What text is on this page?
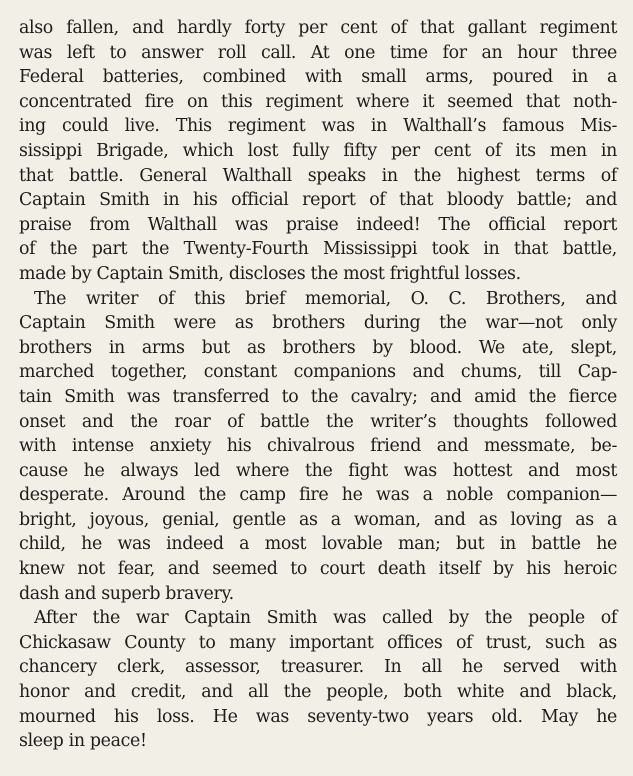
also fallen, and hardly forty per cent of that gallant regiment
was left to answer roll call. At one time for an hour three
Federal batteries, combined with small arms, poured in a
concentrated fire on this regiment where it seemed that noth-
ing could live. This regiment was in Walthall’s famous Mis-
sissippi Brigade, which lost fully fifty per cent of its men in
that battle. General Walthall speaks in the highest terms of
Captain Smith in his official report of that bloody battle; and
praise from Walthall was praise indeed! The official report
of the part the Twenty-Fourth Mississippi took in that battle,
made by Captain Smith, discloses the most frightful losses.
The writer of this brief memorial, O. C. Brothers, and
Captain Smith were as brothers during the war—not only
brothers in arms but as brothers by blood. We ate, slept,
marched together, constant companions and chums, till Cap-
tain Smith was transferred to the cavalry; and amid the fierce
onset and the roar of battle the writer’s thoughts followed
with intense anxiety his chivalrous friend and messmate, be-
cause he always led where the fight was hottest and most
desperate. Around the camp fire he was a noble companion—
bright, joyous, genial, gentle as a woman, and as loving as a
child, he was indeed a most lovable man; but in battle he
knew not fear, and seemed to court death itself by his heroic
dash and superb bravery.
After the war Captain Smith was called by the people of
Chickasaw County to many important offices of trust, such as
chancery clerk, assessor, treasurer. In all he served with
honor and credit, and all the people, both white and black,
mourned his loss. He was seventy-two years old. May he
sleep in peace!
